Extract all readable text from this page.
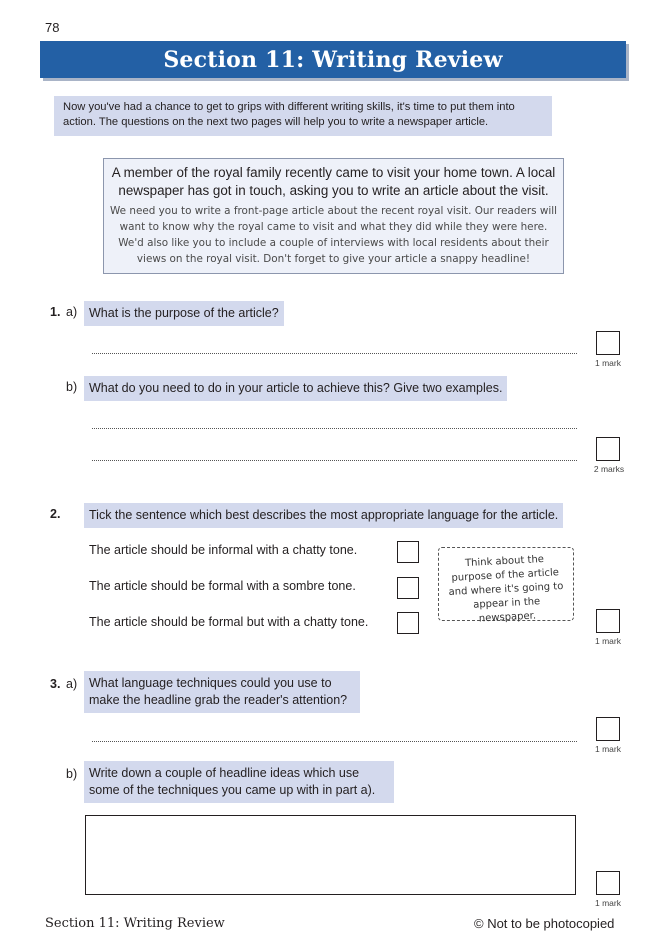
78
Section 11: Writing Review
Now you've had a chance to get to grips with different writing skills, it's time to put them into action. The questions on the next two pages will help you to write a newspaper article.
A member of the royal family recently came to visit your home town. A local newspaper has got in touch, asking you to write an article about the visit.
We need you to write a front-page article about the recent royal visit. Our readers will want to know why the royal came to visit and what they did while they were here. We'd also like you to include a couple of interviews with local residents about their views on the royal visit. Don't forget to give your article a snappy headline!
1. a) What is the purpose of the article?
1 mark
b) What do you need to do in your article to achieve this? Give two examples.
2 marks
2.	Tick the sentence which best describes the most appropriate language for the article.
The article should be informal with a chatty tone.
The article should be formal with a sombre tone.
The article should be formal but with a chatty tone.
Think about the purpose of the article and where it's going to appear in the newspaper.
1 mark
3. a) What language techniques could you use to make the headline grab the reader's attention?
1 mark
b) Write down a couple of headline ideas which use some of the techniques you came up with in part a).
1 mark
Section 11: Writing Review	© Not to be photocopied
